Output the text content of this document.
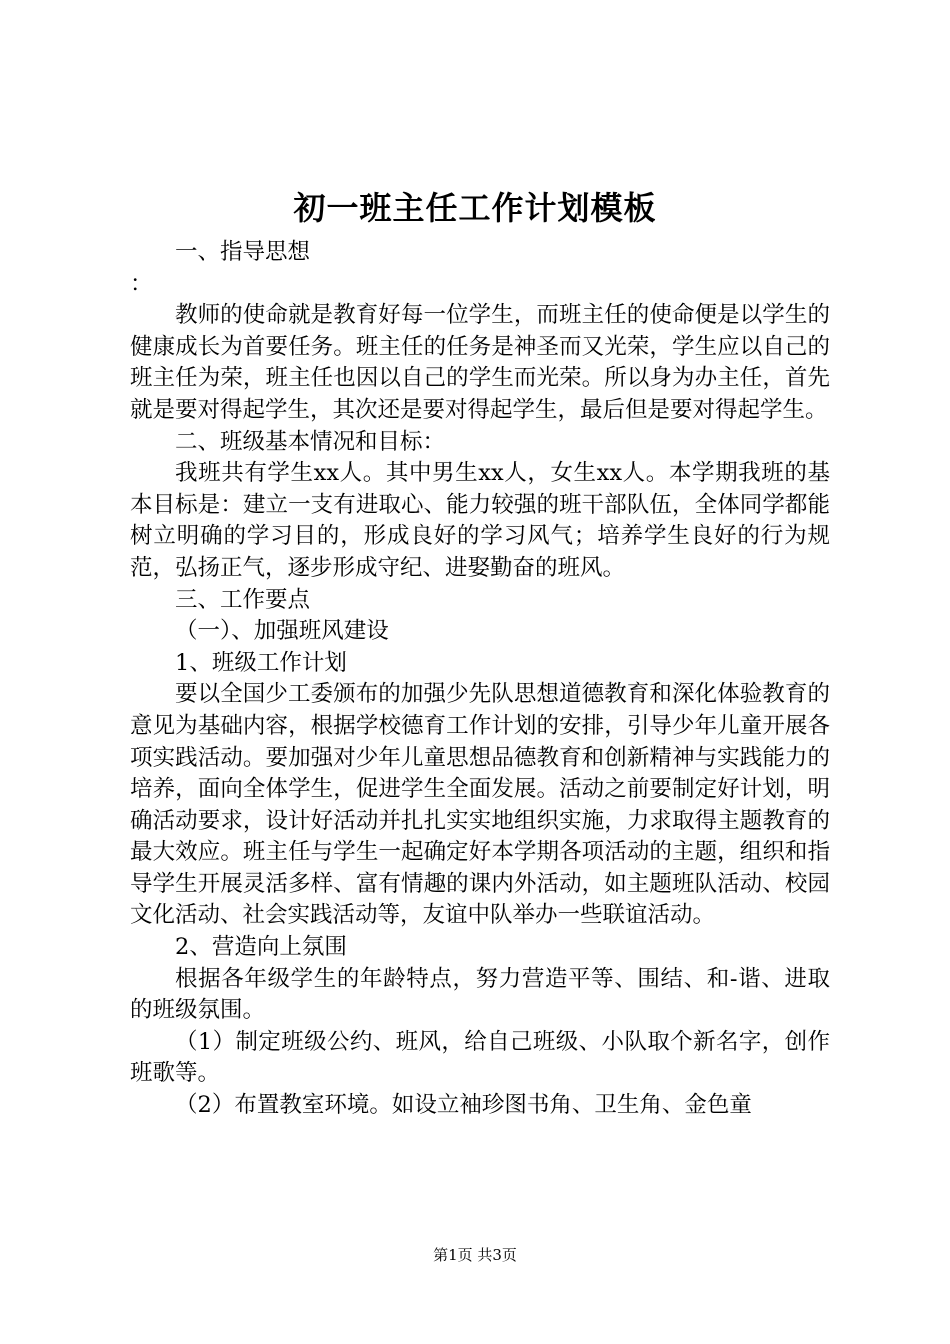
初一班主任工作计划模板

一、指导思想

：

教师的使命就是教育好每一位学生，而班主任的使命便是以学生的健康成长为首要任务。班主任的任务是神圣而又光荣，学生应以自己的班主任为荣，班主任也因以自己的学生而光荣。所以身为办主任，首先就是要对得起学生，其次还是要对得起学生，最后但是要对得起学生。

二、班级基本情况和目标：

我班共有学生xx人。其中男生xx人，女生xx人。本学期我班的基本目标是：建立一支有进取心、能力较强的班干部队伍，全体同学都能树立明确的学习目的，形成良好的学习风气；培养学生良好的行为规范，弘扬正气，逐步形成守纪、进娶勤奋的班风。

三、工作要点

（一）、加强班风建设

1、班级工作计划

要以全国少工委颁布的加强少先队思想道德教育和深化体验教育的意见为基础内容，根据学校德育工作计划的安排，引导少年儿童开展各项实践活动。要加强对少年儿童思想品德教育和创新精神与实践能力的培养，面向全体学生，促进学生全面发展。活动之前要制定好计划，明确活动要求，设计好活动并扎扎实实地组织实施，力求取得主题教育的最大效应。班主任与学生一起确定好本学期各项活动的主题，组织和指导学生开展灵活多样、富有情趣的课内外活动，如主题班队活动、校园文化活动、社会实践活动等，友谊中队举办一些联谊活动。

2、营造向上氛围

根据各年级学生的年龄特点，努力营造平等、围结、和-谐、进取的班级氛围。

（1）制定班级公约、班风，给自己班级、小队取个新名字，创作班歌等。

（2）布置教室环境。如设立袖珍图书角、卫生角、金色童

第1页 共3页
